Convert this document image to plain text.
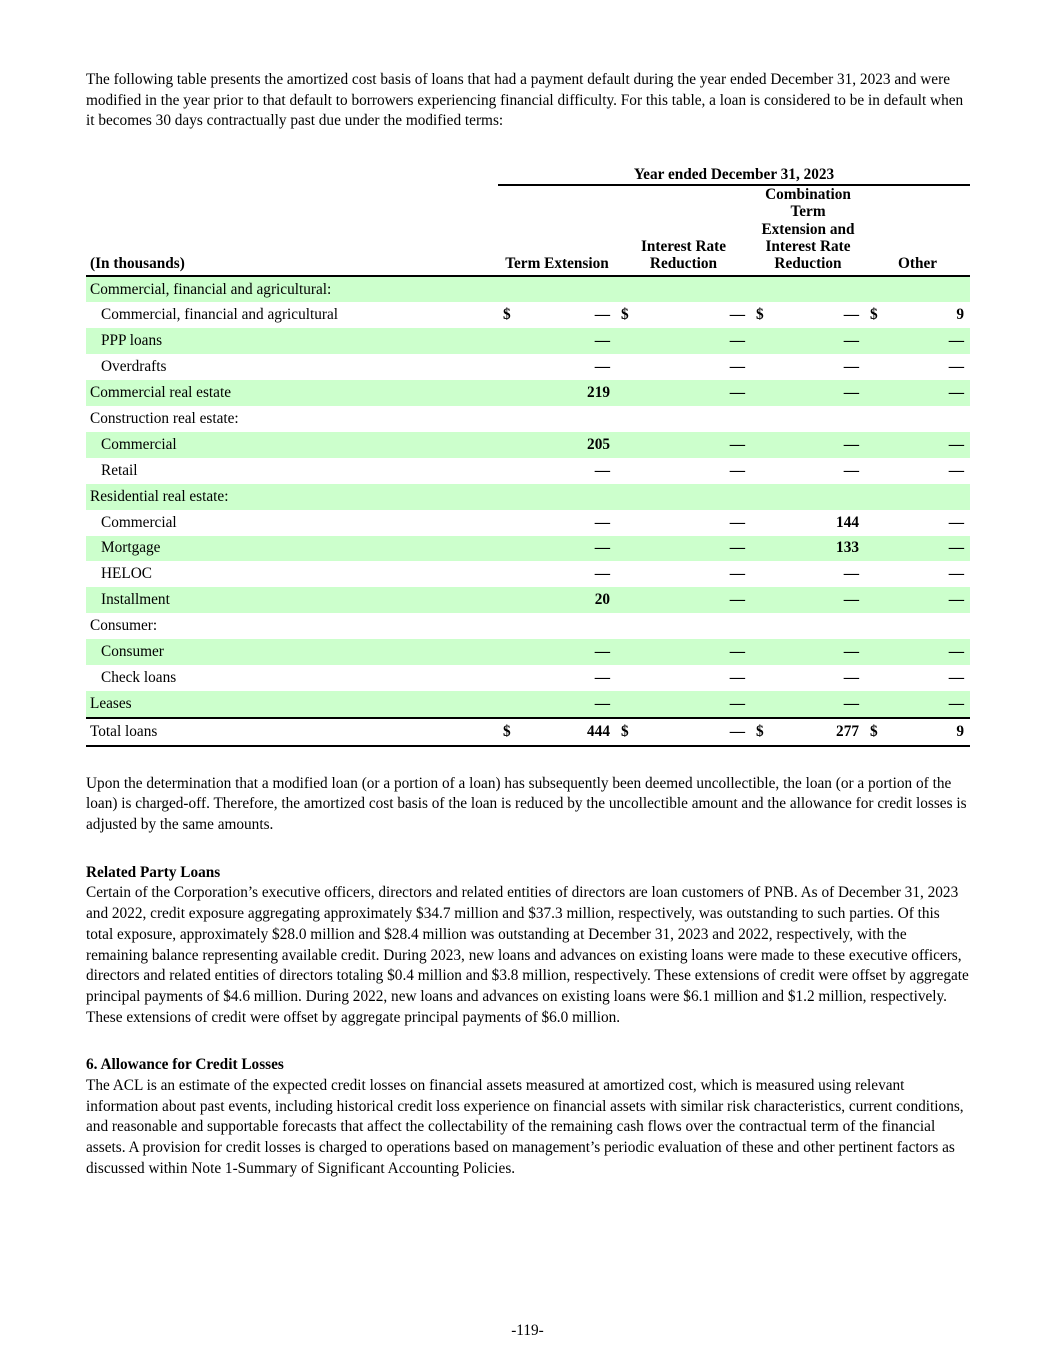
The following table presents the amortized cost basis of loans that had a payment default during the year ended December 31, 2023 and were modified in the year prior to that default to borrowers experiencing financial difficulty. For this table, a loan is considered to be in default when it becomes 30 days contractually past due under the modified terms:

	Year ended December 31, 2023							
(In thousands)	Term Extension		Interest Rate Reduction		Combination Term Extension and Interest Rate Reduction		Other	

Commercial, financial and agricultural:								
Commercial, financial and agricultural	$	—	$	—	$	—	$	9
PPP loans		—		—		—		—
Overdrafts		—		—		—		—
Commercial real estate		219		—		—		—
Construction real estate:								
Commercial		205		—		—		—
Retail		—		—		—		—
Residential real estate:								
Commercial		—		—		144		—
Mortgage		—		—		133		—
HELOC		—		—		—		—
Installment		20		—		—		—
Consumer:								
Consumer		—		—		—		—
Check loans		—		—		—		—
Leases		—		—		—		—
Total loans	$	444	$	—	$	277	$	9

Upon the determination that a modified loan (or a portion of a loan) has subsequently been deemed uncollectible, the loan (or a portion of the loan) is charged-off. Therefore, the amortized cost basis of the loan is reduced by the uncollectible amount and the allowance for credit losses is adjusted by the same amounts.

Related Party Loans

Certain of the Corporation’s executive officers, directors and related entities of directors are loan customers of PNB. As of December 31, 2023 and 2022, credit exposure aggregating approximately $34.7 million and $37.3 million, respectively, was outstanding to such parties. Of this total exposure, approximately $28.0 million and $28.4 million was outstanding at December 31, 2023 and 2022, respectively, with the remaining balance representing available credit. During 2023, new loans and advances on existing loans were made to these executive officers, directors and related entities of directors totaling $0.4 million and $3.8 million, respectively. These extensions of credit were offset by aggregate principal payments of $4.6 million. During 2022, new loans and advances on existing loans were $6.1 million and $1.2 million, respectively. These extensions of credit were offset by aggregate principal payments of $6.0 million.

6. Allowance for Credit Losses

The ACL is an estimate of the expected credit losses on financial assets measured at amortized cost, which is measured using relevant information about past events, including historical credit loss experience on financial assets with similar risk characteristics, current conditions, and reasonable and supportable forecasts that affect the collectability of the remaining cash flows over the contractual term of the financial assets. A provision for credit losses is charged to operations based on management’s periodic evaluation of these and other pertinent factors as discussed within Note 1-Summary of Significant Accounting Policies.

-119-
